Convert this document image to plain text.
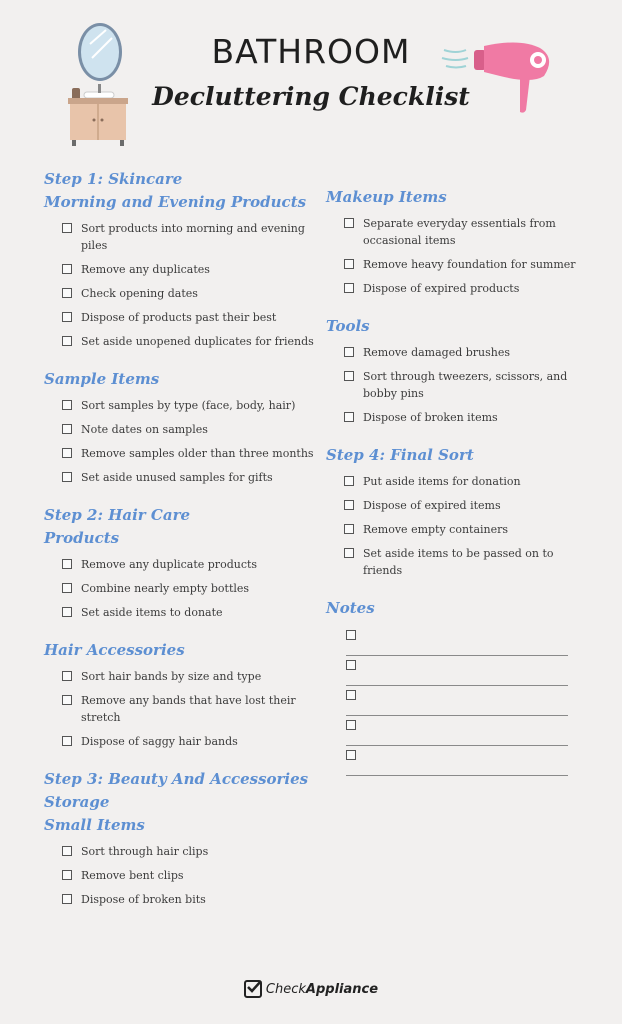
BATHROOM
Decluttering Checklist
Step 1: Skincare
Morning and Evening Products
Sort products into morning and evening piles
Remove any duplicates
Check opening dates
Dispose of products past their best
Set aside unopened duplicates for friends
Sample Items
Sort samples by type (face, body, hair)
Note dates on samples
Remove samples older than three months
Set aside unused samples for gifts
Step 2: Hair Care
Products
Remove any duplicate products
Combine nearly empty bottles
Set aside items to donate
Hair Accessories
Sort hair bands by size and type
Remove any bands that have lost their stretch
Dispose of saggy hair bands
Step 3: Beauty And Accessories
Storage
Small Items
Sort through hair clips
Remove bent clips
Dispose of broken bits
Makeup Items
Separate everyday essentials from occasional items
Remove heavy foundation for summer
Dispose of expired products
Tools
Remove damaged brushes
Sort through tweezers, scissors, and bobby pins
Dispose of broken items
Step 4: Final Sort
Put aside items for donation
Dispose of expired items
Remove empty containers
Set aside items to be passed on to friends
Notes
Check Appliance
